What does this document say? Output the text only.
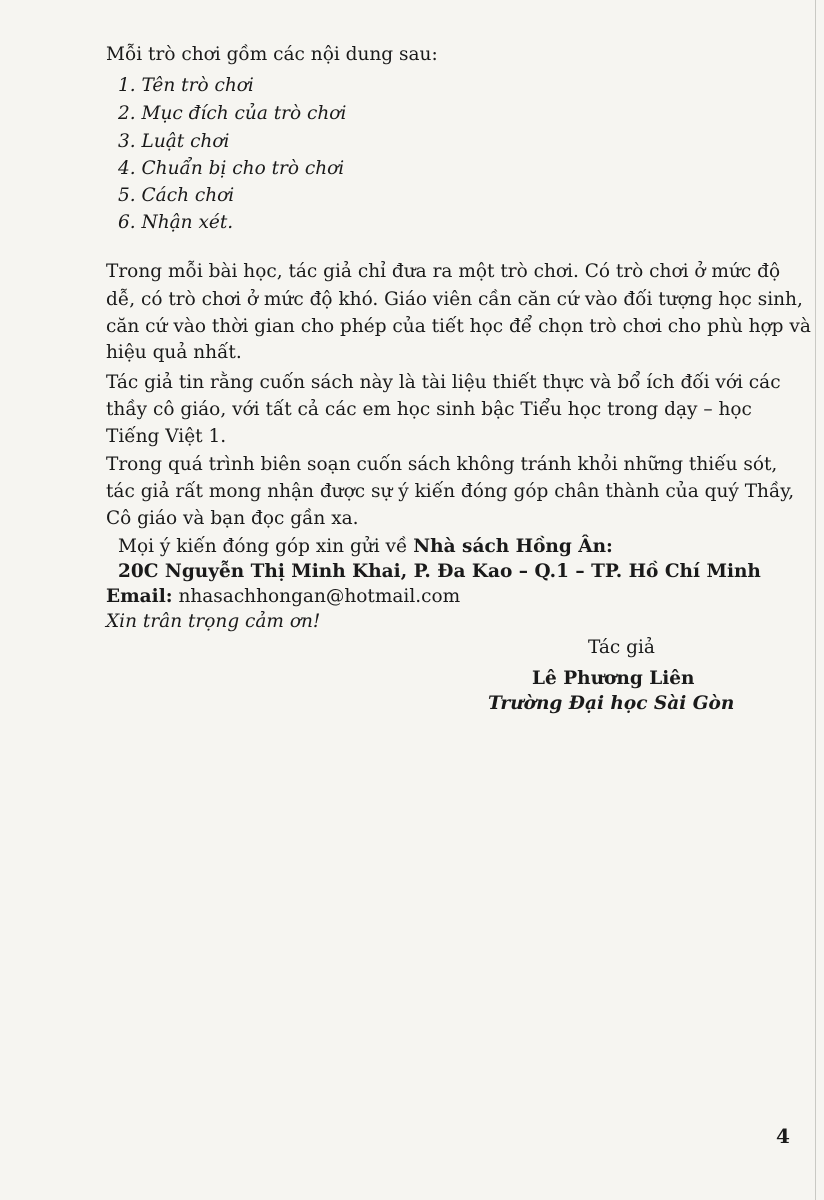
Mỗi trò chơi gồm các nội dung sau:
1. Tên trò chơi
2. Mục đích của trò chơi
3. Luật chơi
4. Chuẩn bị cho trò chơi
5. Cách chơi
6. Nhận xét.
Trong mỗi bài học, tác giả chỉ đưa ra một trò chơi. Có trò chơi ở mức độ
dễ, có trò chơi ở mức độ khó. Giáo viên cần căn cứ vào đối tượng học sinh,
căn cứ vào thời gian cho phép của tiết học để chọn trò chơi cho phù hợp và
hiệu quả nhất.
Tác giả tin rằng cuốn sách này là tài liệu thiết thực và bổ ích đối với các
thầy cô giáo, với tất cả các em học sinh bậc Tiểu học trong dạy – học
Tiếng Việt 1.
Trong quá trình biên soạn cuốn sách không tránh khỏi những thiếu sót,
tác giả rất mong nhận được sự ý kiến đóng góp chân thành của quý Thầy,
Cô giáo và bạn đọc gần xa.
Mọi ý kiến đóng góp xin gửi về Nhà sách Hồng Ân:
20C Nguyễn Thị Minh Khai, P. Đa Kao – Q.1 – TP. Hồ Chí Minh
Email: nhasachhongan@hotmail.com
Xin trân trọng cảm ơn!
Tác giả
Lê Phương Liên
Trường Đại học Sài Gòn
4
